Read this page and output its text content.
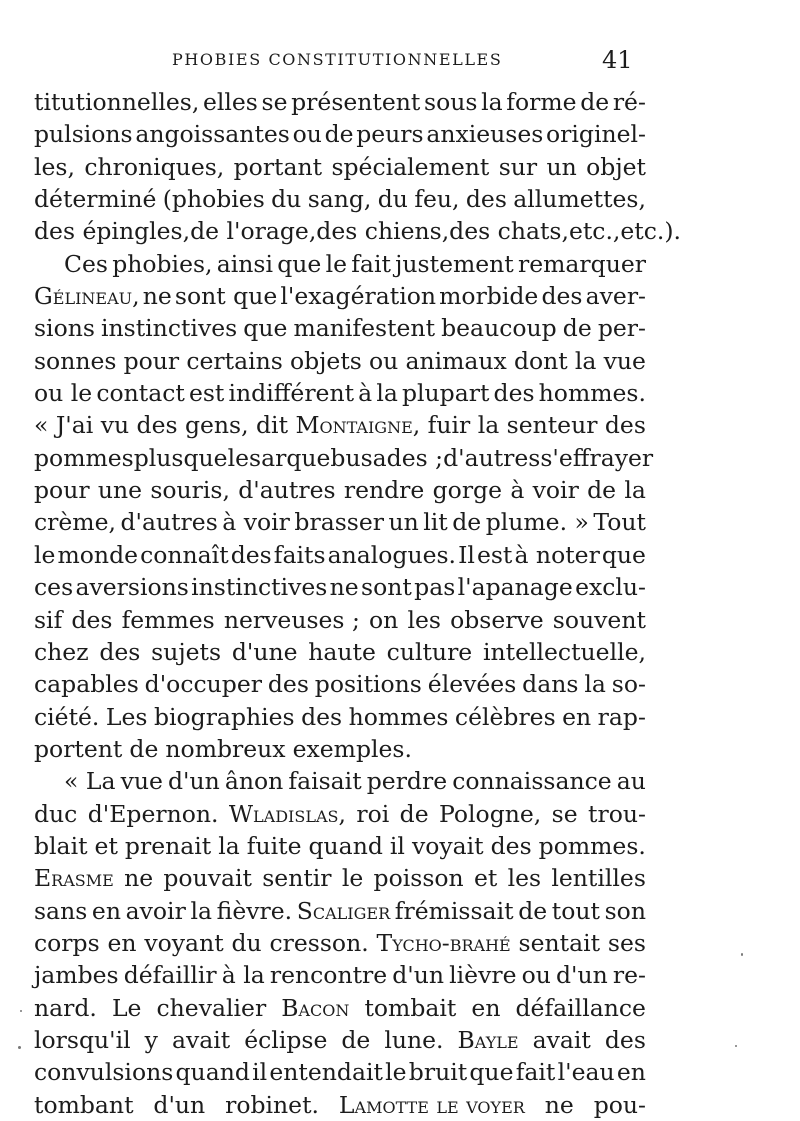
PHOBIES CONSTITUTIONNELLES	41
titutionnelles, elles se présentent sous la forme de ré-
pulsions angoissantes ou de peurs anxieuses originel-
les, chroniques, portant spécialement sur un objet
déterminé (phobies du sang, du feu, des allumettes,
des épingles, de l'orage, des chiens, des chats, etc., etc.).
Ces phobies, ainsi que le fait justement remarquer
Gélineau, ne sont que l'exagération morbide des aver-
sions instinctives que manifestent beaucoup de per-
sonnes pour certains objets ou animaux dont la vue
ou le contact est indifférent à la plupart des hommes.
« J'ai vu des gens, dit Montaigne, fuir la senteur des
pommes plus que les arquebusades ; d'autres s'effrayer
pour une souris, d'autres rendre gorge à voir de la
crème, d'autres à voir brasser un lit de plume. » Tout
le monde connaît des faits analogues. Il est à noter que
ces aversions instinctives ne sont pas l'apanage exclu-
sif des femmes nerveuses ; on les observe souvent
chez des sujets d'une haute culture intellectuelle,
capables d'occuper des positions élevées dans la so-
ciété. Les biographies des hommes célèbres en rap-
portent de nombreux exemples.
« La vue d'un ânon faisait perdre connaissance au
duc d'Epernon. Wladislas, roi de Pologne, se trou-
blait et prenait la fuite quand il voyait des pommes.
Erasme ne pouvait sentir le poisson et les lentilles
sans en avoir la fièvre. Scaliger frémissait de tout son
corps en voyant du cresson. Tycho-brahé sentait ses
jambes défaillir à la rencontre d'un lièvre ou d'un re-
nard. Le chevalier Bacon tombait en défaillance
lorsqu'il y avait éclipse de lune. Bayle avait des
convulsions quand il entendait le bruit que fait l'eau en
tombant d'un robinet. Lamotte le voyer ne pou-
